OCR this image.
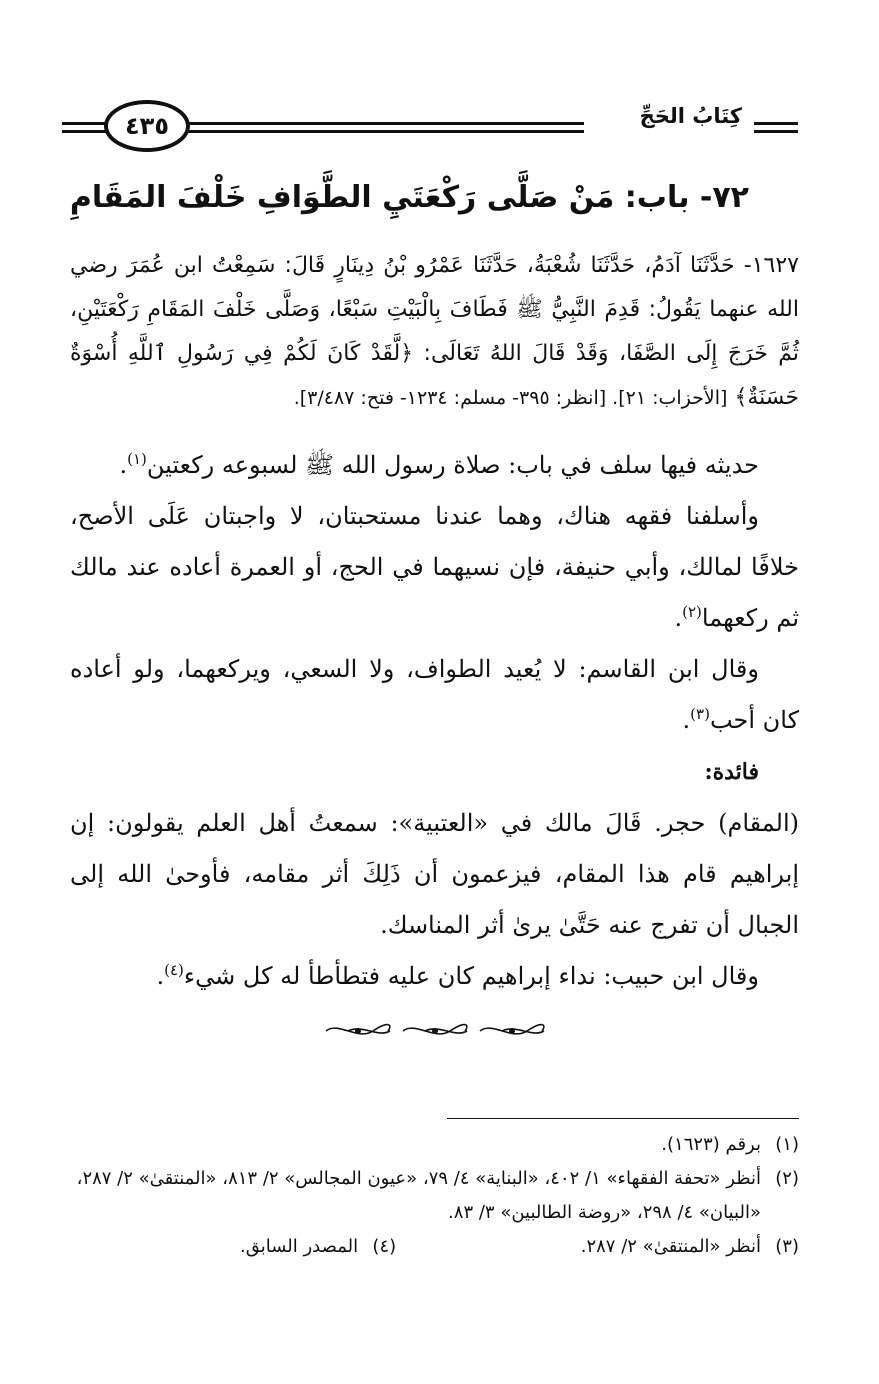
كِتَابُ الحَجِّ
٤٣٥
٧٢- باب: مَنْ صَلَّى رَكْعَتَيِ الطَّوَافِ خَلْفَ المَقَامِ
١٦٢٧- حَدَّثَنَا آدَمُ، حَدَّثَنَا شُعْبَةُ، حَدَّثَنَا عَمْرُو بْنُ دِينَارٍ قَالَ: سَمِعْتُ ابن عُمَرَ رضي الله عنهما يَقُولُ: قَدِمَ النَّبِيُّ ﷺ فَطَافَ بِالْبَيْتِ سَبْعًا، وَصَلَّى خَلْفَ المَقَامِ رَكْعَتَيْنِ، ثُمَّ خَرَجَ إِلَى الصَّفَا، وَقَدْ قَالَ اللهُ تَعَالَى: ﴿لَّقَدْ كَانَ لَكُمْ فِي رَسُولِ ٱللَّهِ أُسْوَةٌ حَسَنَةٌ﴾ [الأحزاب: ٢١]. [انظر: ٣٩٥- مسلم: ١٢٣٤- فتح: ٣/٤٨٧].

حديثه فيها سلف في باب: صلاة رسول الله ﷺ لسبوعه ركعتين$^{(١)}$.

وأسلفنا فقهه هناك، وهما عندنا مستحبتان، لا واجبتان عَلَى الأصح، خلافًا لمالك، وأبي حنيفة، فإن نسيهما في الحج، أو العمرة أعاده عند مالك ثم ركعهما$^{(٢)}$.

وقال ابن القاسم: لا يُعيد الطواف، ولا السعي، ويركعهما، ولو أعاده كان أحب$^{(٣)}$.

فائدة:

(المقام) حجر. قَالَ مالك في «العتبية»: سمعتُ أهل العلم يقولون: إن إبراهيم قام هذا المقام، فيزعمون أن ذَلِكَ أثر مقامه، فأوحىٰ الله إلى الجبال أن تفرج عنه حَتَّىٰ يرىٰ أثر المناسك.

وقال ابن حبيب: نداء إبراهيم كان عليه فتطأطأ له كل شيء$^{(٤)}$.

(١)
برقم (١٦٢٣).
(٢)
أنظر «تحفة الفقهاء» ١/ ٤٠٢، «البناية» ٤/ ٧٩، «عيون المجالس» ٢/ ٨١٣، «المنتقىٰ» ٢/ ٢٨٧، «البيان» ٤/ ٢٩٨، «روضة الطالبين» ٣/ ٨٣.
(٣)
أنظر «المنتقىٰ» ٢/ ٢٨٧.
(٤)
المصدر السابق.
